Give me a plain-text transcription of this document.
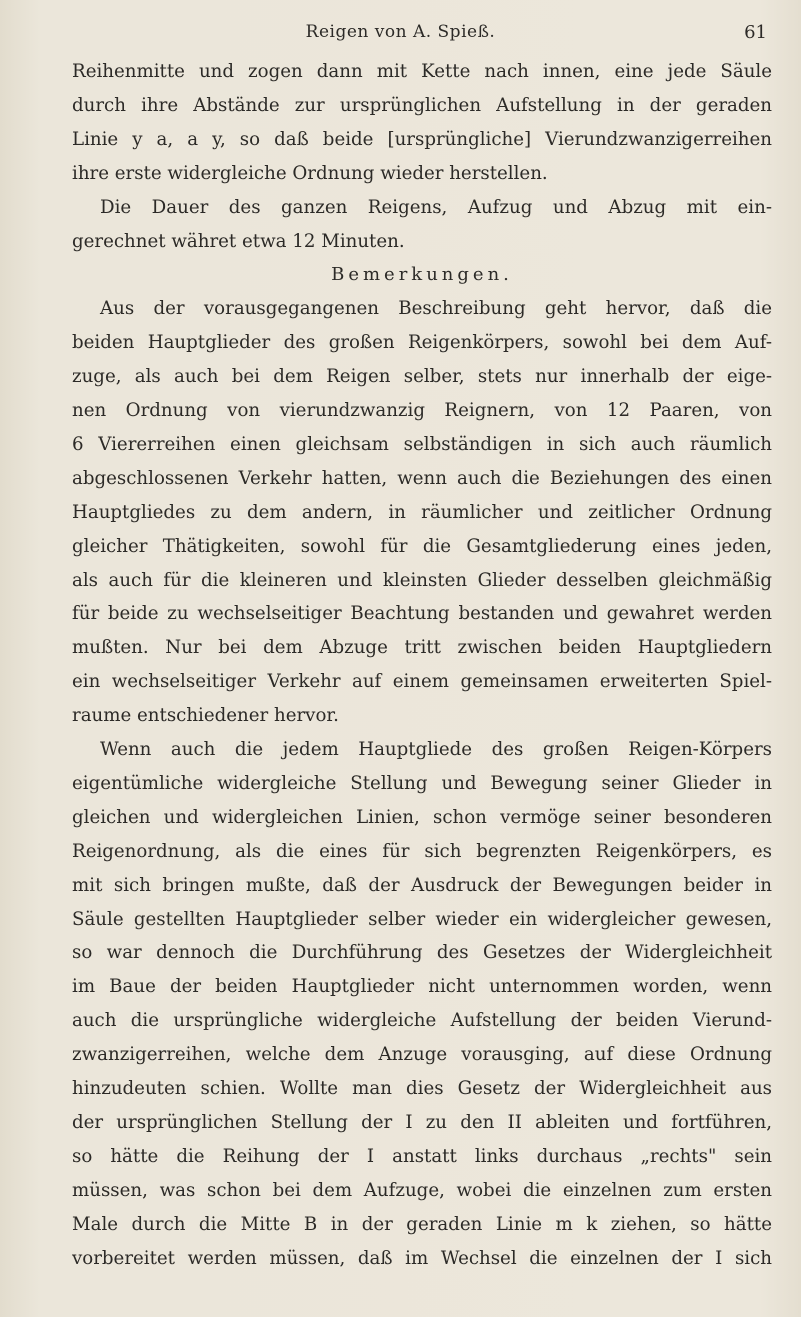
Reigen von A. Spieß.	61
Reihenmitte und zogen dann mit Kette nach innen, eine jede Säule
durch ihre Abstände zur ursprünglichen Aufstellung in der geraden
Linie y a, a y, so daß beide [ursprüngliche] Vierundzwanzigerreihen
ihre erste widergleiche Ordnung wieder herstellen.
Die Dauer des ganzen Reigens, Aufzug und Abzug mit ein-
gerechnet währet etwa 12 Minuten.
Bemerkungen.
Aus der vorausgegangenen Beschreibung geht hervor, daß die
beiden Hauptglieder des großen Reigenkörpers, sowohl bei dem Auf-
zuge, als auch bei dem Reigen selber, stets nur innerhalb der eige-
nen Ordnung von vierundzwanzig Reignern, von 12 Paaren, von
6 Viererreihen einen gleichsam selbständigen in sich auch räumlich
abgeschlossenen Verkehr hatten, wenn auch die Beziehungen des einen
Hauptgliedes zu dem andern, in räumlicher und zeitlicher Ordnung
gleicher Thätigkeiten, sowohl für die Gesamtgliederung eines jeden,
als auch für die kleineren und kleinsten Glieder desselben gleichmäßig
für beide zu wechselseitiger Beachtung bestanden und gewahret werden
mußten. Nur bei dem Abzuge tritt zwischen beiden Hauptgliedern
ein wechselseitiger Verkehr auf einem gemeinsamen erweiterten Spiel-
raume entschiedener hervor.
Wenn auch die jedem Hauptgliede des großen Reigen-Körpers
eigentümliche widergleiche Stellung und Bewegung seiner Glieder in
gleichen und widergleichen Linien, schon vermöge seiner besonderen
Reigenordnung, als die eines für sich begrenzten Reigenkörpers, es
mit sich bringen mußte, daß der Ausdruck der Bewegungen beider in
Säule gestellten Hauptglieder selber wieder ein widergleicher gewesen,
so war dennoch die Durchführung des Gesetzes der Widergleichheit
im Baue der beiden Hauptglieder nicht unternommen worden, wenn
auch die ursprüngliche widergleiche Aufstellung der beiden Vierund-
zwanzigerreihen, welche dem Anzuge vorausging, auf diese Ordnung
hinzudeuten schien. Wollte man dies Gesetz der Widergleichheit aus
der ursprünglichen Stellung der I zu den II ableiten und fortführen,
so hätte die Reihung der I anstatt links durchaus „rechts" sein
müssen, was schon bei dem Aufzuge, wobei die einzelnen zum ersten
Male durch die Mitte B in der geraden Linie m k ziehen, so hätte
vorbereitet werden müssen, daß im Wechsel die einzelnen der I sich
